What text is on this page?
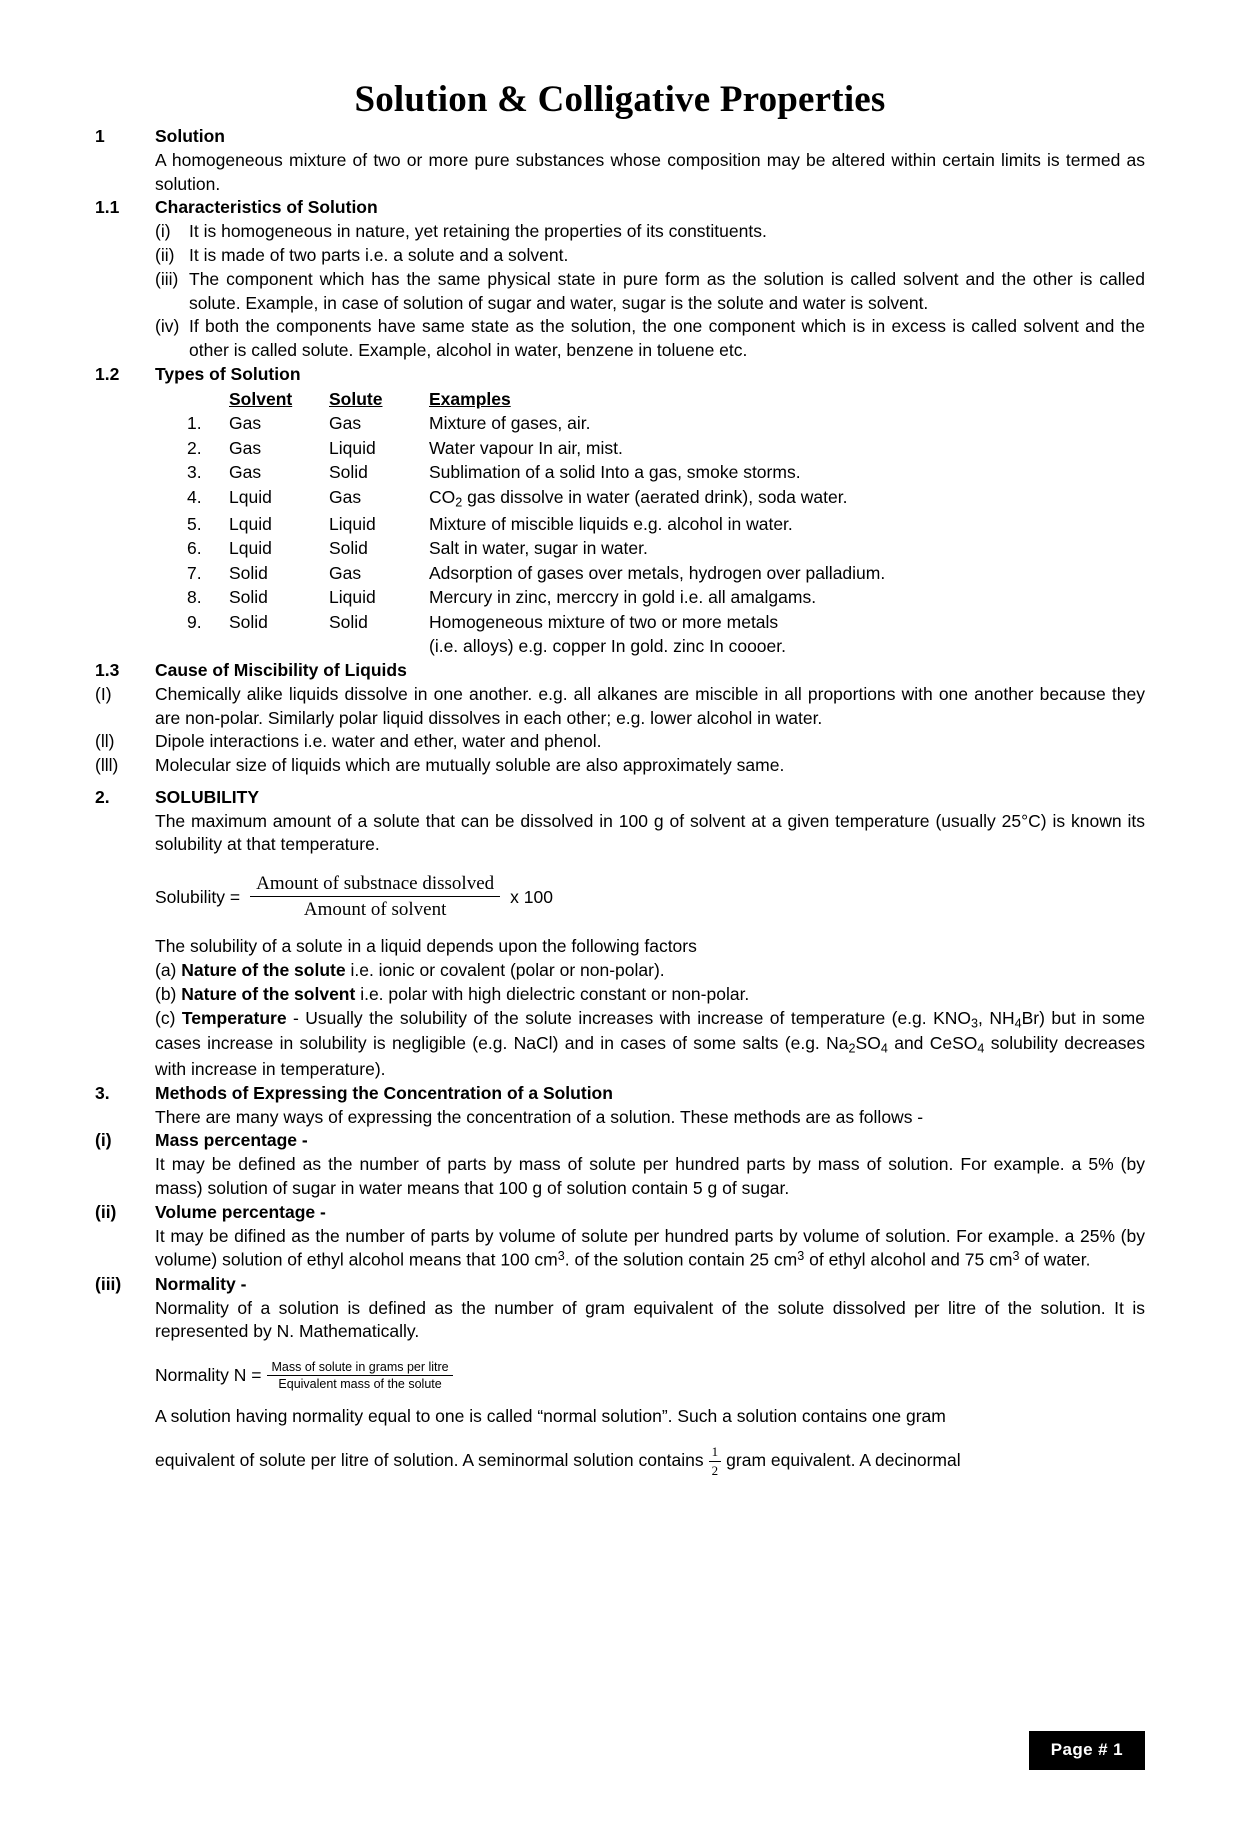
Solution & Colligative Properties
1	Solution
A homogeneous mixture of two or more pure substances whose composition may be altered within certain limits is termed as solution.
1.1	Characteristics of Solution
(i)	It is homogeneous in nature, yet retaining the properties of its constituents.
(ii) It is made of two parts i.e. a solute and a solvent.
(iii) The component which has the same physical state in pure form as the solution is called solvent and the other is called solute. Example, in case of solution of sugar and water, sugar is the solute and water is solvent.
(iv) If both the components have same state as the solution, the one component which is in excess is called solvent and the other is called solute. Example, alcohol in water, benzene in toluene etc.
1.2	Types of Solution
	Solvent	Solute	Examples
1.	Gas	Gas	Mixture of gases, air.
2.	Gas	Liquid	Water vapour In air, mist.
3.	Gas	Solid	Sublimation of a solid Into a gas, smoke storms.
4.	Lquid	Gas	$CO_2$ gas dissolve in water (aerated drink), soda water.
5.	Lquid	Liquid	Mixture of miscible liquids e.g. alcohol in water.
6.	Lquid	Solid	Salt in water, sugar in water.
7.	Solid	Gas	Adsorption of gases over metals, hydrogen over palladium.
8.	Solid	Liquid	Mercury in zinc, merccry in gold i.e. all amalgams.
9.	Solid	Solid	Homogeneous mixture of two or more metals
			(i.e. alloys) e.g. copper In gold. zinc In coooer.
1.3	Cause of Miscibility of Liquids
(I)	Chemically alike liquids dissolve in one another. e.g. all alkanes are miscible in all proportions with one another because they are non-polar. Similarly polar liquid dissolves in each other; e.g. lower alcohol in water.
(ll)	Dipole interactions i.e. water and ether, water and phenol.
(lll)	Molecular size of liquids which are mutually soluble are also approximately same.
2.	SOLUBILITY
The maximum amount of a solute that can be dissolved in 100 g of solvent at a given temperature (usually 25°C) is known its solubility at that temperature.
Solubility = $\frac{\text{Amount of substnace dissolved}}{\text{Amount of solvent}}$ x 100
The solubility of a solute in a liquid depends upon the following factors
(a) Nature of the solute i.e. ionic or covalent (polar or non-polar).
(b) Nature of the solvent i.e. polar with high dielectric constant or non-polar.
(c) Temperature - Usually the solubility of the solute increases with increase of temperature (e.g. $KNO_3$, $NH_4Br$) but in some cases increase in solubility is negligible (e.g. NaCl) and in cases of some salts (e.g. $Na_2SO_4$ and CeSO$_4$ solubility decreases with increase in temperature).
3.	Methods of Expressing the Concentration of a Solution
There are many ways of expressing the concentration of a solution. These methods are as follows -
(i)	Mass percentage -
It may be defined as the number of parts by mass of solute per hundred parts by mass of solution. For example. a 5% (by mass) solution of sugar in water means that 100 g of solution contain 5 g of sugar.
(ii)	Volume percentage -
It may be difined as the number of parts by volume of solute per hundred parts by volume of solution. For example. a 25% (by volume) solution of ethyl alcohol means that 100 $cm^3$. of the solution contain 25 $cm^3$ of ethyl alcohol and 75 $cm^3$ of water.
(iii)	Normality -
Normality of a solution is defined as the number of gram equivalent of the solute dissolved per litre of the solution. It is represented by N. Mathematically.
Normality $N = \frac{\text{Mass of solute in grams per litre}}{\text{Equivalent mass of the solute}}$
A solution having normality equal to one is called “normal solution”. Such a solution contains one gram
equivalent of solute per litre of solution. A seminormal solution contains $\frac{1}{2}$ gram equivalent. A decinormal
Page # 1
